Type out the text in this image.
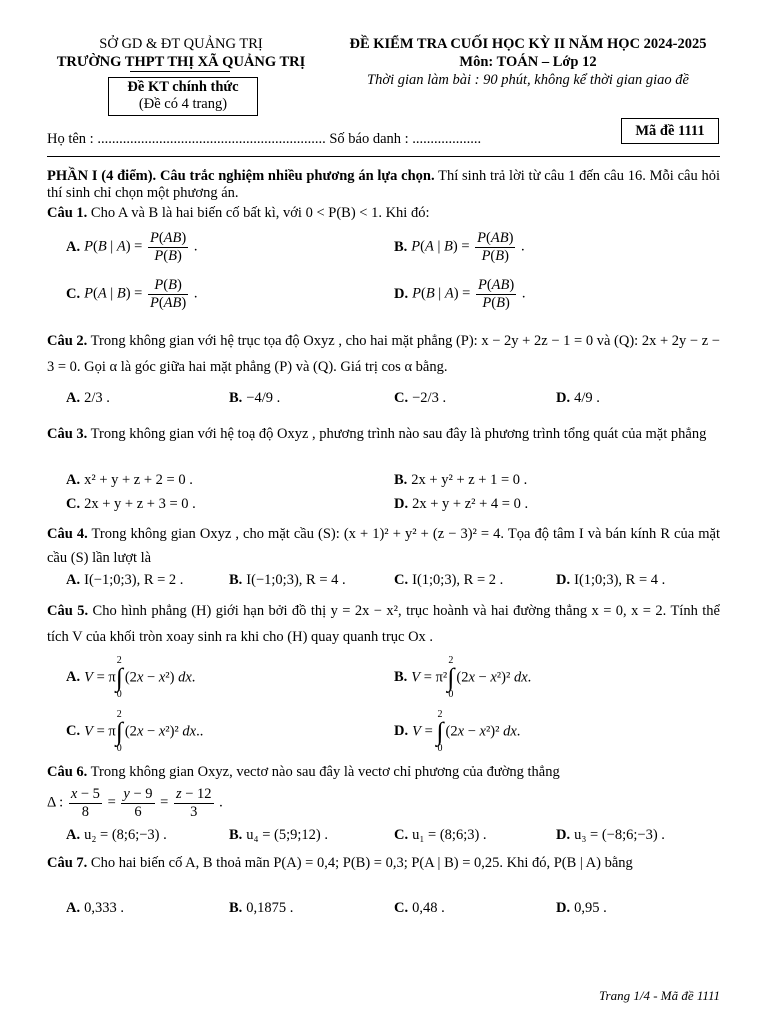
SỞ GD & ĐT QUẢNG TRỊ
TRƯỜNG THPT THỊ XÃ QUẢNG TRỊ
Đề KT chính thức
(Đề có 4 trang)
ĐỀ KIỂM TRA CUỐI HỌC KỲ II NĂM HỌC 2024-2025
Môn: TOÁN – Lớp 12
Thời gian làm bài : 90 phút, không kể thời gian giao đề
Mã đề 1111
Họ tên : ............................................................... Số báo danh : ...................
PHẦN I (4 điểm). Câu trắc nghiệm nhiều phương án lựa chọn. Thí sinh trả lời từ câu 1 đến câu 16. Mỗi câu hỏi thí sinh chỉ chọn một phương án.
Câu 1. Cho A và B là hai biến cố bất kì, với 0 < P(B) < 1. Khi đó:
A. P(B | $A) = \frac{P(AB)}{P(B)}$ .	B. P(A | $B) = \frac{P(AB)}{P(B)}$ .
C. P(A | $B) = \frac{P(B)}{P(AB)}$ .	D. P(B | $A) = \frac{P(AB)}{P(\overline{B})}$ .
Câu 2. Trong không gian với hệ trục tọa độ Oxyz , cho hai mặt phẳng (P): x − 2y + 2z − 1 = 0 và (Q): 2x + 2y − z − 3 = 0. Gọi α là góc giữa hai mặt phẳng (P) và (Q). Giá trị cos α bằng.
A. 2/3 .	B. −4/9 .	C. −2/3 .	D. 4/9 .
Câu 3. Trong không gian với hệ toạ độ Oxyz , phương trình nào sau đây là phương trình tổng quát của mặt phẳng
A. x² + y + z + 2 = 0 .	B. 2x + y² + z + 1 = 0 .
C. 2x + y + z + 3 = 0 .	D. 2x + y + z² + 4 = 0 .
Câu 4. Trong không gian Oxyz , cho mặt cầu (S): (x + 1)² + y² + (z − 3)² = 4. Tọa độ tâm I và bán kính R của mặt cầu (S) lần lượt là
A. I(−1;0;3), R = 2 .	B. I(−1;0;3), R = 4 .	C. I(1;0;3), R = 2 .	D. I(1;0;3), R = 4 .
Câu 5. Cho hình phẳng (H) giới hạn bởi đồ thị y = 2x − x², trục hoành và hai đường thẳng x = 0, x = 2. Tính thể tích V của khối tròn xoay sinh ra khi cho (H) quay quanh trục Ox .
A. V = π
2
∫
0
(2x − x²) dx.	B. V = π²
2
∫
0
(2x − x²)² dx.
C. V = π
2
∫
0
(2x − x²)² dx..	D. V =
2
∫
0
(2x − x²)² dx.
Câu 6. Trong không gian Oxyz, vectơ nào sau đây là vectơ chỉ phương của đường thẳng
Δ : $\frac{x - 5}{8} = \frac{y - 9}{6} = \frac{z - 12}{3}$ .
A. u₂ = (8;6;−3) .	B. u₄ = (5;9;12) .	C. u₁ = (8;6;3) .	D. u₃ = (−8;6;−3) .
Câu 7. Cho hai biến cố A, B thoả mãn P(A) = 0,4; P(B) = 0,3; P(A | B) = 0,25. Khi đó, P(B | A) bằng
A. 0,333 .	B. 0,1875 .	C. 0,48 .	D. 0,95 .
Trang 1/4 - Mã đề 1111
